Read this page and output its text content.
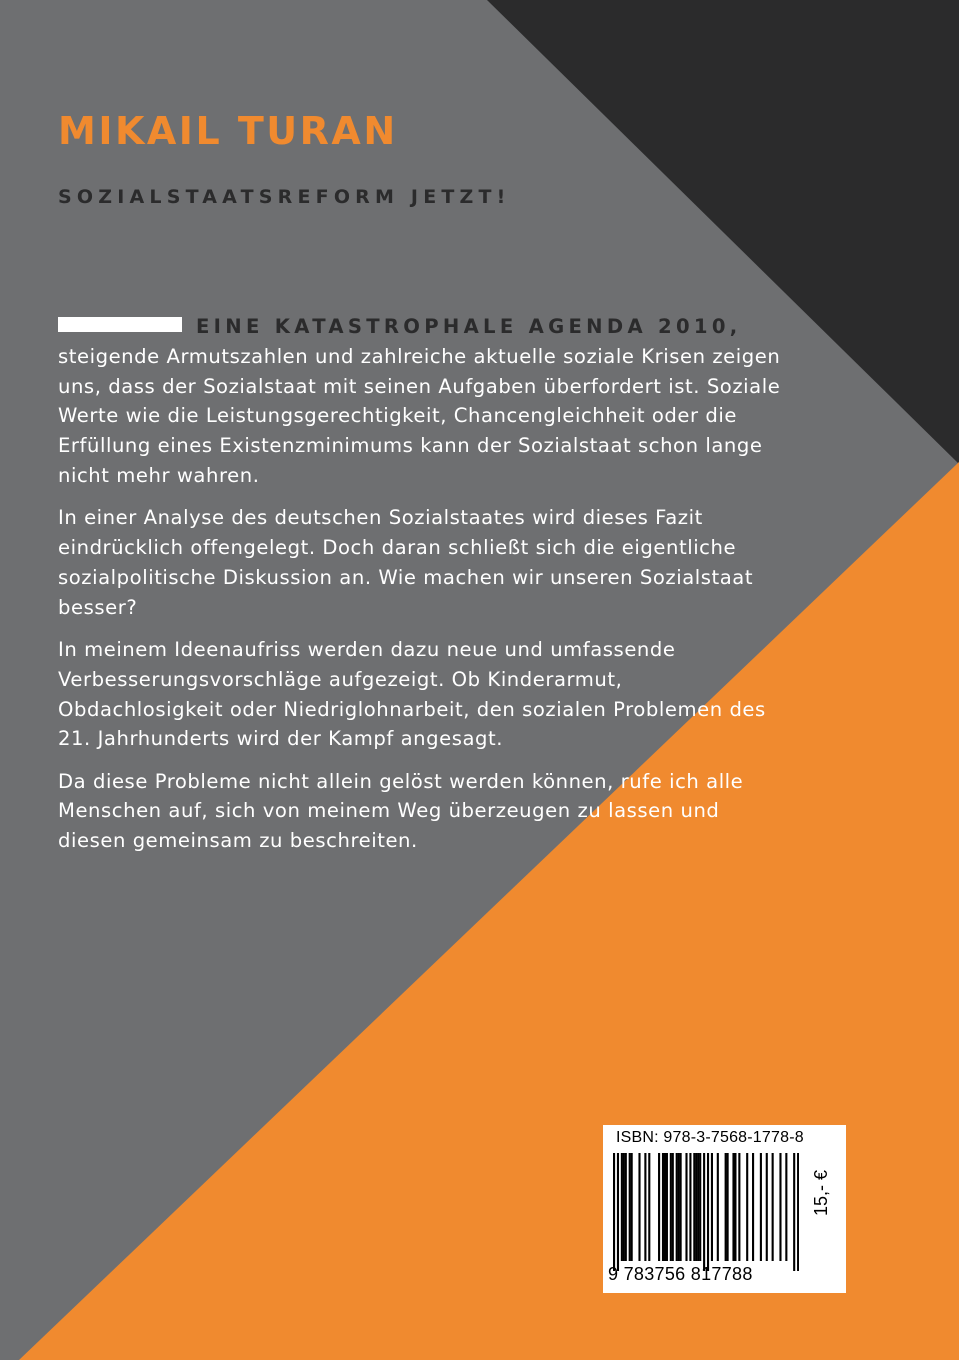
MIKAIL TURAN
SOZIALSTAATSREFORM JETZT!

EINE KATASTROPHALE AGENDA 2010, steigende Armutszahlen und zahlreiche aktuelle soziale Krisen zeigen uns, dass der Sozialstaat mit seinen Aufgaben überfordert ist. Soziale Werte wie die Leistungsgerechtigkeit, Chancengleichheit oder die Erfüllung eines Existenzminimums kann der Sozialstaat schon lange nicht mehr wahren.

In einer Analyse des deutschen Sozialstaates wird dieses Fazit eindrücklich offengelegt. Doch daran schließt sich die eigentliche sozialpolitische Diskussion an. Wie machen wir unseren Sozialstaat besser?

In meinem Ideenaufriss werden dazu neue und umfassende Verbesserungsvorschläge aufgezeigt. Ob Kinderarmut, Obdachlosigkeit oder Niedriglohnarbeit, den sozialen Problemen des 21. Jahrhunderts wird der Kampf angesagt.

Da diese Probleme nicht allein gelöst werden können, rufe ich alle Menschen auf, sich von meinem Weg überzeugen zu lassen und diesen gemeinsam zu beschreiten.

ISBN: 978-3-7568-1778-8

9 783756 817788

15,- €
